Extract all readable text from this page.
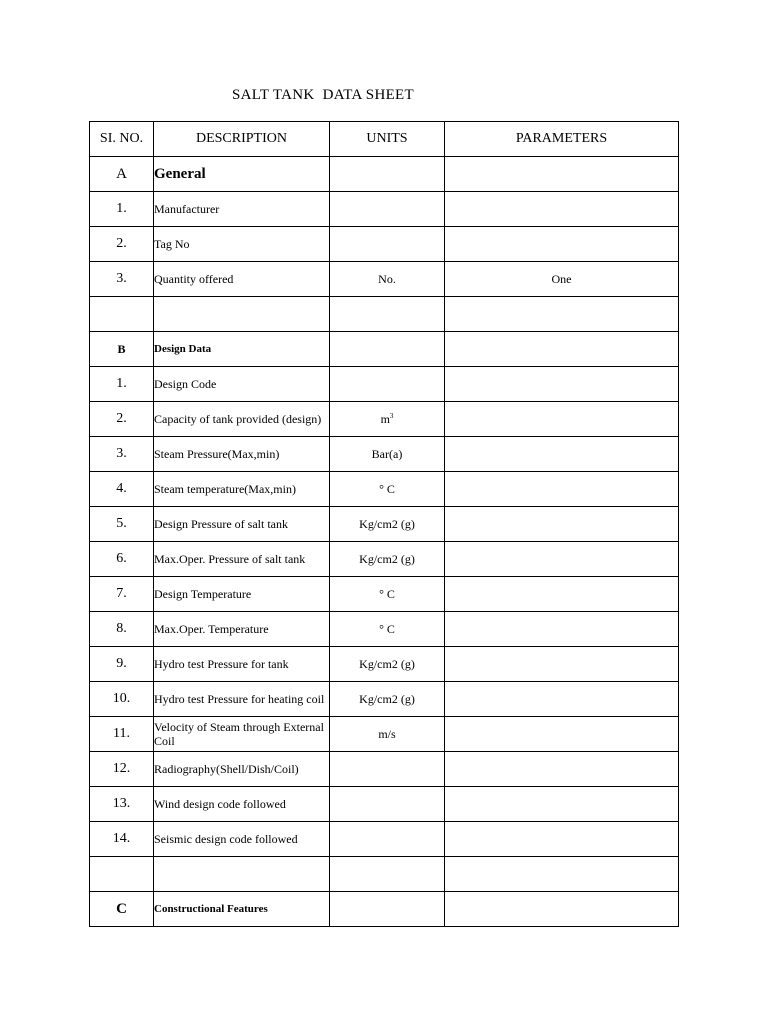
SALT TANK  DATA SHEET
SI. NO.	DESCRIPTION	UNITS	PARAMETERS
A	General		
1.	Manufacturer		
2.	Tag No		
3.	Quantity offered	No.	One

B	Design Data		
1.	Design Code		
2.	Capacity of tank provided (design)	$m^3$	
3.	Steam Pressure(Max,min)	Bar(a)	
4.	Steam temperature(Max,min)	° C	
5.	Design Pressure of salt tank	Kg/cm2 (g)	
6.	Max.Oper. Pressure of salt tank	Kg/cm2 (g)	
7.	Design Temperature	° C	
8.	Max.Oper. Temperature	° C	
9.	Hydro test Pressure for tank	Kg/cm2 (g)	
10.	Hydro test Pressure for heating coil	Kg/cm2 (g)	
11.	Velocity of Steam through External Coil	m/s	
12.	Radiography(Shell/Dish/Coil)		
13.	Wind design code followed		
14.	Seismic design code followed		

C	Constructional Features		
